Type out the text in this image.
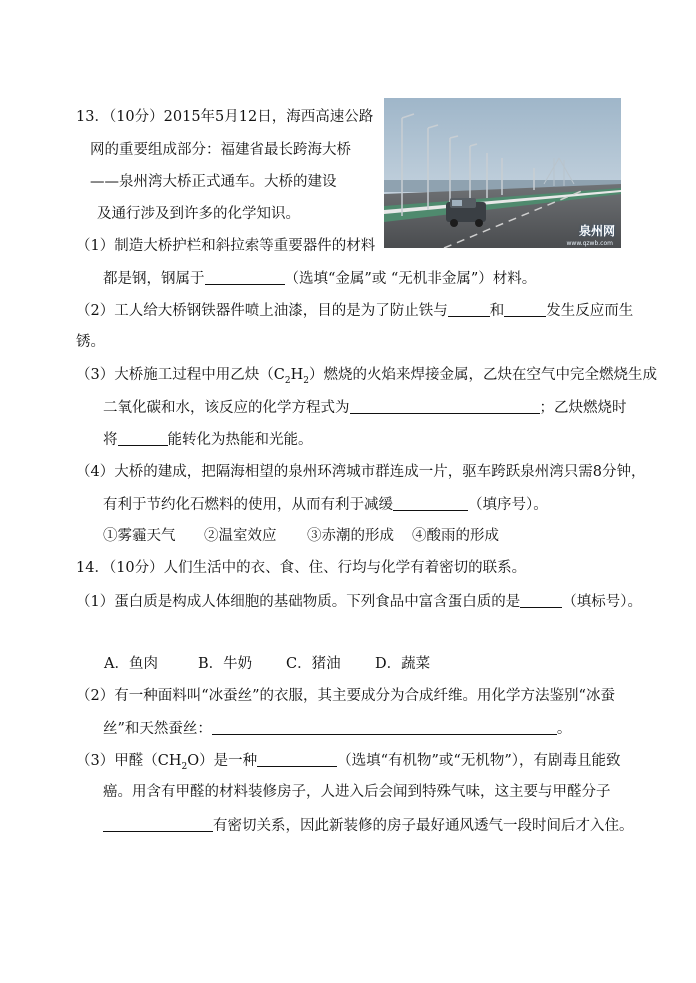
13．（10分）2015年5月12日，海西高速公路
网的重要组成部分：福建省最长跨海大桥
——泉州湾大桥正式通车。大桥的建设
及通行涉及到许多的化学知识。
泉州网
www.qzwb.com
（1）制造大桥护栏和斜拉索等重要器件的材料
都是钢，钢属于	（选填“金属”或 “无机非金属”）材料。
（2）工人给大桥钢铁器件喷上油漆，目的是为了防止铁与	和	发生反应而生
锈。
（3）大桥施工过程中用乙炔$(C_2H_2)$燃烧的火焰来焊接金属，乙炔在空气中完全燃烧生成
二氧化碳和水，该反应的化学方程式为	；乙炔燃烧时
将	能转化为热能和光能。
（4）大桥的建成，把隔海相望的泉州环湾城市群连成一片，驱车跨跃泉州湾只需8分钟，
有利于节约化石燃料的使用，从而有利于减缓	（填序号）。
①雾霾天气 ②温室效应 ③赤潮的形成 ④酸雨的形成
14．（10分）人们生活中的衣、食、住、行均与化学有着密切的联系。
（1）蛋白质是构成人体细胞的基础物质。下列食品中富含蛋白质的是	（填标号）。
A．鱼肉	B．牛奶 C．猪油 D．蔬菜
（2）有一种面料叫“冰蚕丝”的衣服，其主要成分为合成纤维。用化学方法鉴别“冰蚕
丝”和天然蚕丝：	。
（3）甲醛$(CH_2O)$是一种	（选填“有机物”或“无机物”），有剧毒且能致
癌。用含有甲醛的材料装修房子，人进入后会闻到特殊气味，这主要与甲醛分子
有密切关系，因此新装修的房子最好通风透气一段时间后才入住。
